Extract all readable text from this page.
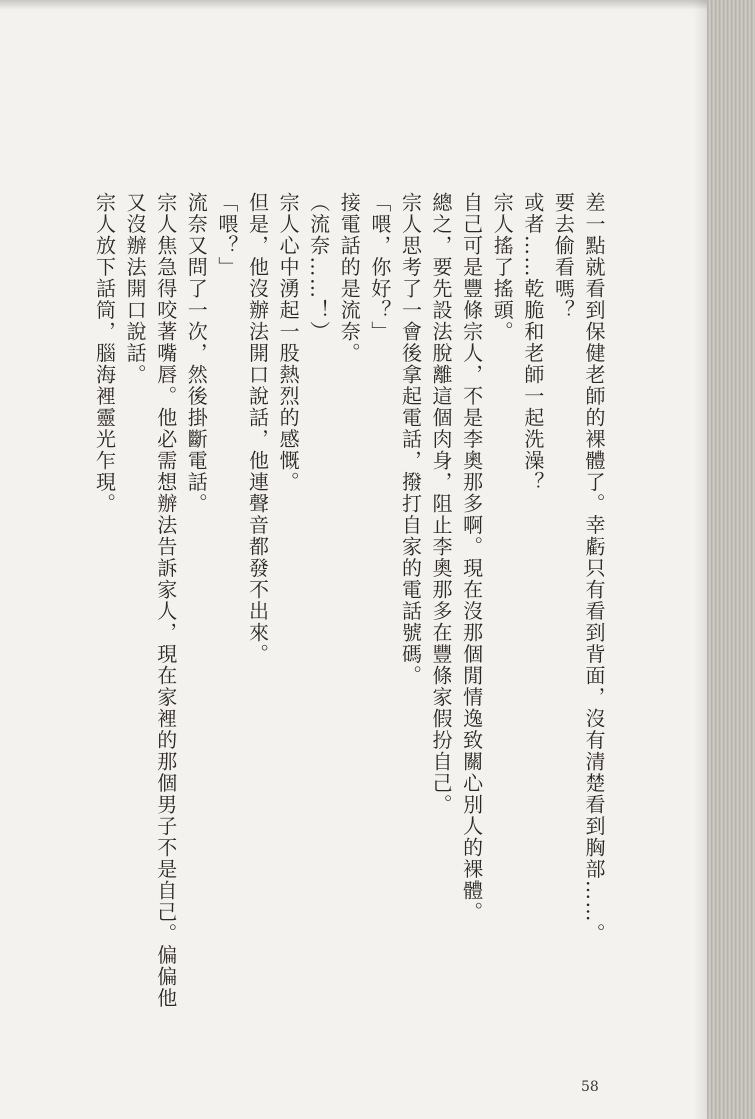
差一點就看到保健老師的裸體了。幸虧只有看到背面，沒有清楚看到胸部……。

要去偷看嗎？

或者……乾脆和老師一起洗澡？

宗人搖了搖頭。

自己可是豐條宗人，不是李奧那多啊。現在沒那個閒情逸致關心別人的裸體。

總之，要先設法脫離這個肉身，阻止李奧那多在豐條家假扮自己。

宗人思考了一會後拿起電話，撥打自家的電話號碼。

「喂，你好？」

接電話的是流奈。

（流奈……！）

宗人心中湧起一股熱烈的感慨。

但是，他沒辦法開口說話，他連聲音都發不出來。

「喂？」

流奈又問了一次，然後掛斷電話。

宗人焦急得咬著嘴唇。他必需想辦法告訴家人，現在家裡的那個男子不是自己。偏偏他又沒辦法開口說話。

宗人放下話筒，腦海裡靈光乍現。

58
